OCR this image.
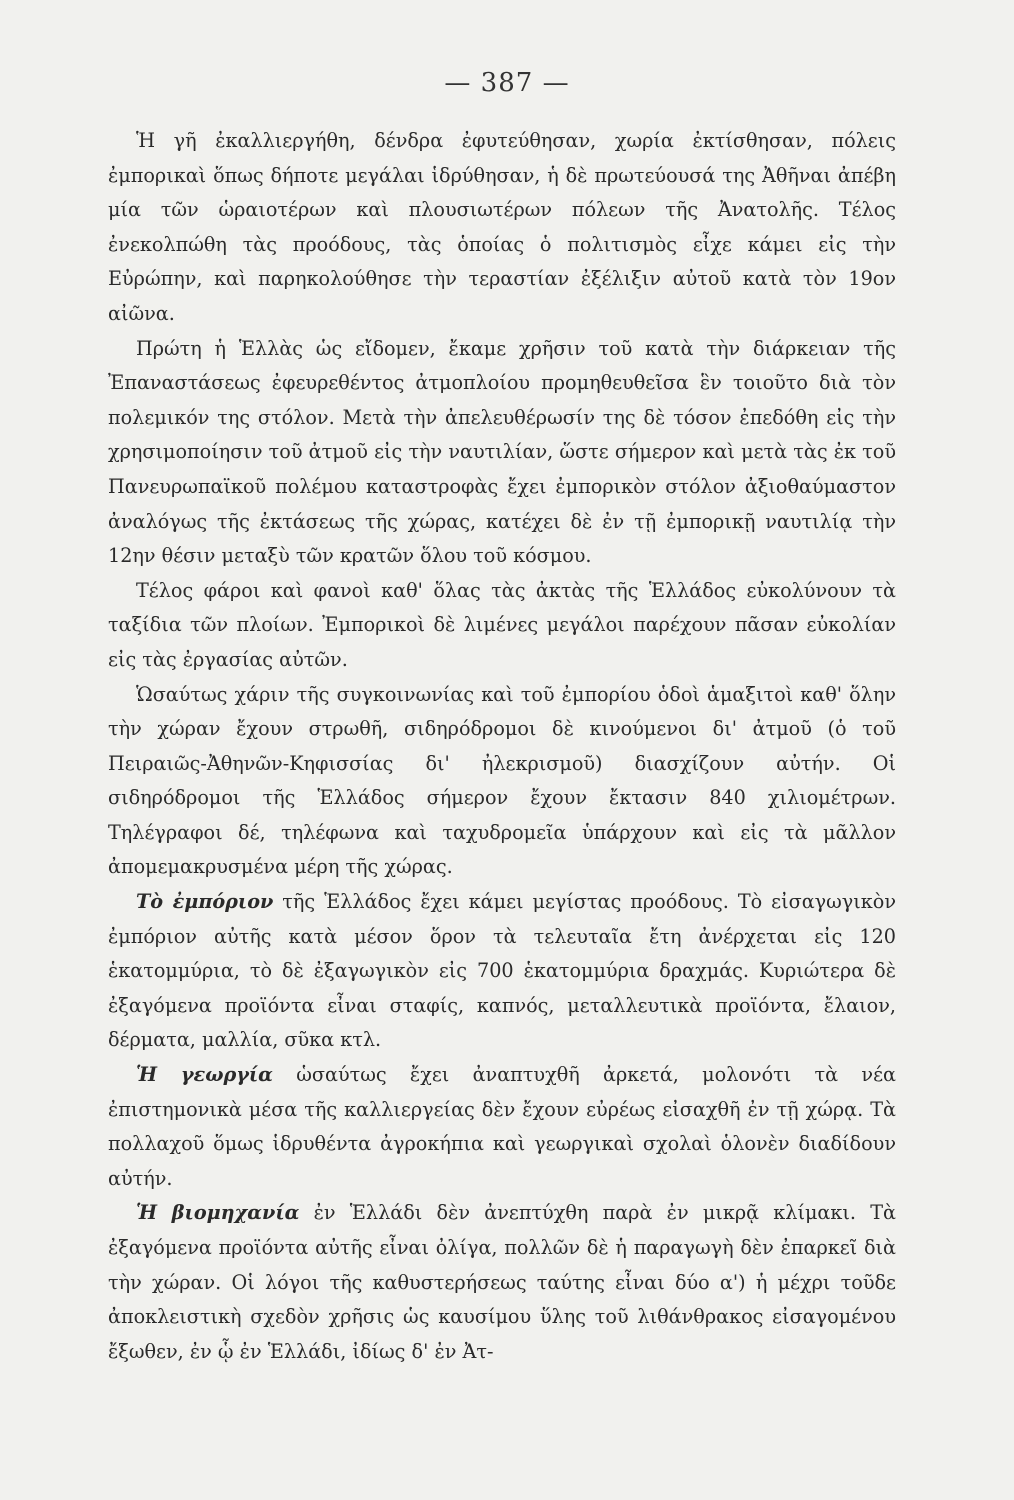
— 387 —

Ἡ γῆ ἐκαλλιεργήθη, δένδρα ἐφυτεύθησαν, χωρία ἐκτίσθησαν, πόλεις ἐμπορικαὶ ὅπως δήποτε μεγάλαι ἱδρύθησαν, ἡ δὲ πρωτεύουσά της Ἀθῆναι ἀπέβη μία τῶν ὡραιοτέρων καὶ πλουσιωτέρων πόλεων τῆς Ἀνατολῆς. Τέλος ἐνεκολπώθη τὰς προόδους, τὰς ὁποίας ὁ πολιτισμὸς εἶχε κάμει εἰς τὴν Εὐρώπην, καὶ παρηκολούθησε τὴν τεραστίαν ἐξέλιξιν αὐτοῦ κατὰ τὸν 19ον αἰῶνα.

Πρώτη ἡ Ἑλλὰς ὡς εἴδομεν, ἔκαμε χρῆσιν τοῦ κατὰ τὴν διάρκειαν τῆς Ἐπαναστάσεως ἐφευρεθέντος ἀτμοπλοίου προμηθευθεῖσα ἓν τοιοῦτο διὰ τὸν πολεμικόν της στόλον. Μετὰ τὴν ἀπελευθέρωσίν της δὲ τόσον ἐπεδόθη εἰς τὴν χρησιμοποίησιν τοῦ ἀτμοῦ εἰς τὴν ναυτιλίαν, ὥστε σήμερον καὶ μετὰ τὰς ἐκ τοῦ Πανευρωπαϊκοῦ πολέμου καταστροφὰς ἔχει ἐμπορικὸν στόλον ἀξιοθαύμαστον ἀναλόγως τῆς ἐκτάσεως τῆς χώρας, κατέχει δὲ ἐν τῇ ἐμπορικῇ ναυτιλίᾳ τὴν 12ην θέσιν μεταξὺ τῶν κρατῶν ὅλου τοῦ κόσμου.

Τέλος φάροι καὶ φανοὶ καθ' ὅλας τὰς ἀκτὰς τῆς Ἑλλάδος εὐκολύνουν τὰ ταξίδια τῶν πλοίων. Ἐμπορικοὶ δὲ λιμένες μεγάλοι παρέχουν πᾶσαν εὐκολίαν εἰς τὰς ἐργασίας αὐτῶν.

Ὡσαύτως χάριν τῆς συγκοινωνίας καὶ τοῦ ἐμπορίου ὁδοὶ ἁμαξιτοὶ καθ' ὅλην τὴν χώραν ἔχουν στρωθῆ, σιδηρόδρομοι δὲ κινούμενοι δι' ἀτμοῦ (ὁ τοῦ Πειραιῶς-Ἀθηνῶν-Κηφισσίας δι' ἠλεκρισμοῦ) διασχίζουν αὐτήν. Οἱ σιδηρόδρομοι τῆς Ἑλλάδος σήμερον ἔχουν ἔκτασιν 840 χιλιομέτρων. Τηλέγραφοι δέ, τηλέφωνα καὶ ταχυδρομεῖα ὑπάρχουν καὶ εἰς τὰ μᾶλλον ἀπομεμακρυσμένα μέρη τῆς χώρας.

Τὸ ἐμπόριον τῆς Ἑλλάδος ἔχει κάμει μεγίστας προόδους. Τὸ εἰσαγωγικὸν ἐμπόριον αὐτῆς κατὰ μέσον ὅρον τὰ τελευταῖα ἔτη ἀνέρχεται εἰς 120 ἑκατομμύρια, τὸ δὲ ἐξαγωγικὸν εἰς 700 ἑκατομμύρια δραχμάς. Κυριώτερα δὲ ἐξαγόμενα προϊόντα εἶναι σταφίς, καπνός, μεταλλευτικὰ προϊόντα, ἔλαιον, δέρματα, μαλλία, σῦκα κτλ.

Ἡ γεωργία ὡσαύτως ἔχει ἀναπτυχθῆ ἀρκετά, μολονότι τὰ νέα ἐπιστημονικὰ μέσα τῆς καλλιεργείας δὲν ἔχουν εὐρέως εἰσαχθῆ ἐν τῇ χώρᾳ. Τὰ πολλαχοῦ ὅμως ἱδρυθέντα ἀγροκήπια καὶ γεωργικαὶ σχολαὶ ὁλονὲν διαδίδουν αὐτήν.

Ἡ βιομηχανία ἐν Ἑλλάδι δὲν ἀνεπτύχθη παρὰ ἐν μικρᾷ κλίμακι. Τὰ ἐξαγόμενα προϊόντα αὐτῆς εἶναι ὀλίγα, πολλῶν δὲ ἡ παραγωγὴ δὲν ἐπαρκεῖ διὰ τὴν χώραν. Οἱ λόγοι τῆς καθυστερήσεως ταύτης εἶναι δύο α') ἡ μέχρι τοῦδε ἀποκλειστικὴ σχεδὸν χρῆσις ὡς καυσίμου ὕλης τοῦ λιθάνθρακος εἰσαγομένου ἔξωθεν, ἐν ᾧ ἐν Ἑλλάδι, ἰδίως δ' ἐν Ἀτ-
